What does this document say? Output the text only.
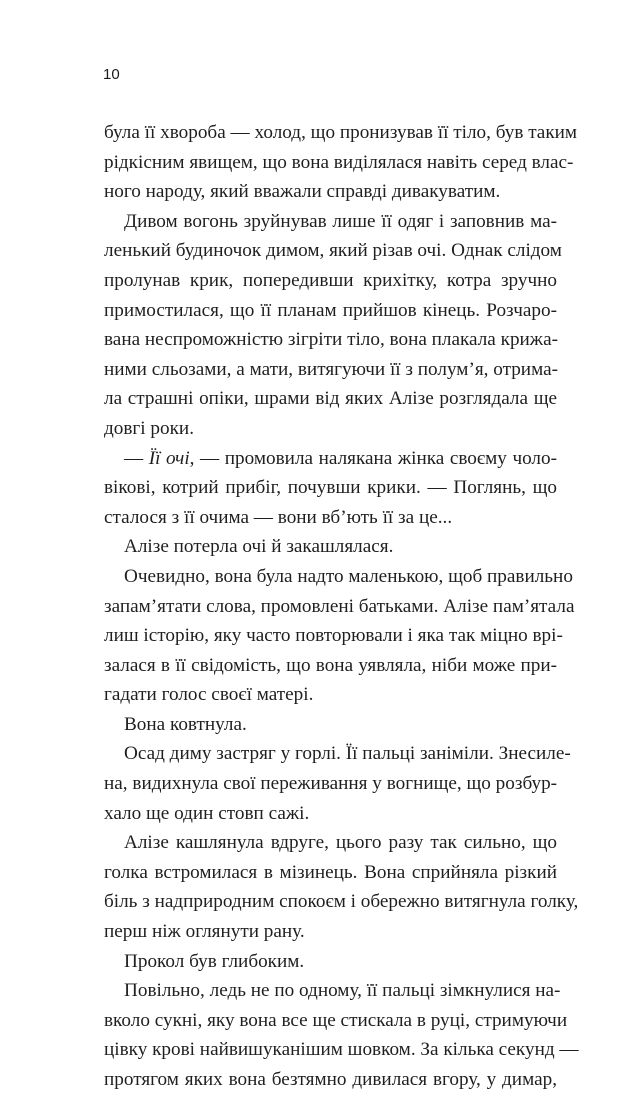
10
була її хвороба — холод, що пронизував її тіло, був таким
рідкісним явищем, що вона виділялася навіть серед влас-
ного народу, який вважали справді дивакуватим.
Дивом вогонь зруйнував лише її одяг і заповнив ма-
ленький будиночок димом, який різав очі. Однак слідом
пролунав крик, попередивши крихітку, котра зручно
примостилася, що її планам прийшов кінець. Розчаро-
вана неспроможністю зігріти тіло, вона плакала крижа-
ними сльозами, а мати, витягуючи її з полум’я, отрима-
ла страшні опіки, шрами від яких Алізе розглядала ще
довгі роки.
— Її очі, — промовила налякана жінка своєму чоло-
вікові, котрий прибіг, почувши крики. — Поглянь, що
сталося з її очима — вони вб’ють її за це...
Алізе потерла очі й закашлялася.
Очевидно, вона була надто маленькою, щоб правильно
запам’ятати слова, промовлені батьками. Алізе пам’ятала
лиш історію, яку часто повторювали і яка так міцно врі-
залася в її свідомість, що вона уявляла, ніби може при-
гадати голос своєї матері.
Вона ковтнула.
Осад диму застряг у горлі. Її пальці заніміли. Знесиле-
на, видихнула свої переживання у вогнище, що розбур-
хало ще один стовп сажі.
Алізе кашлянула вдруге, цього разу так сильно, що
голка встромилася в мізинець. Вона сприйняла різкий
біль з надприродним спокоєм і обережно витягнула голку,
перш ніж оглянути рану.
Прокол був глибоким.
Повільно, ледь не по одному, її пальці зімкнулися на-
вколо сукні, яку вона все ще стискала в руці, стримуючи
цівку крові найвишуканішим шовком. За кілька секунд —
протягом яких вона безтямно дивилася вгору, у димар,
